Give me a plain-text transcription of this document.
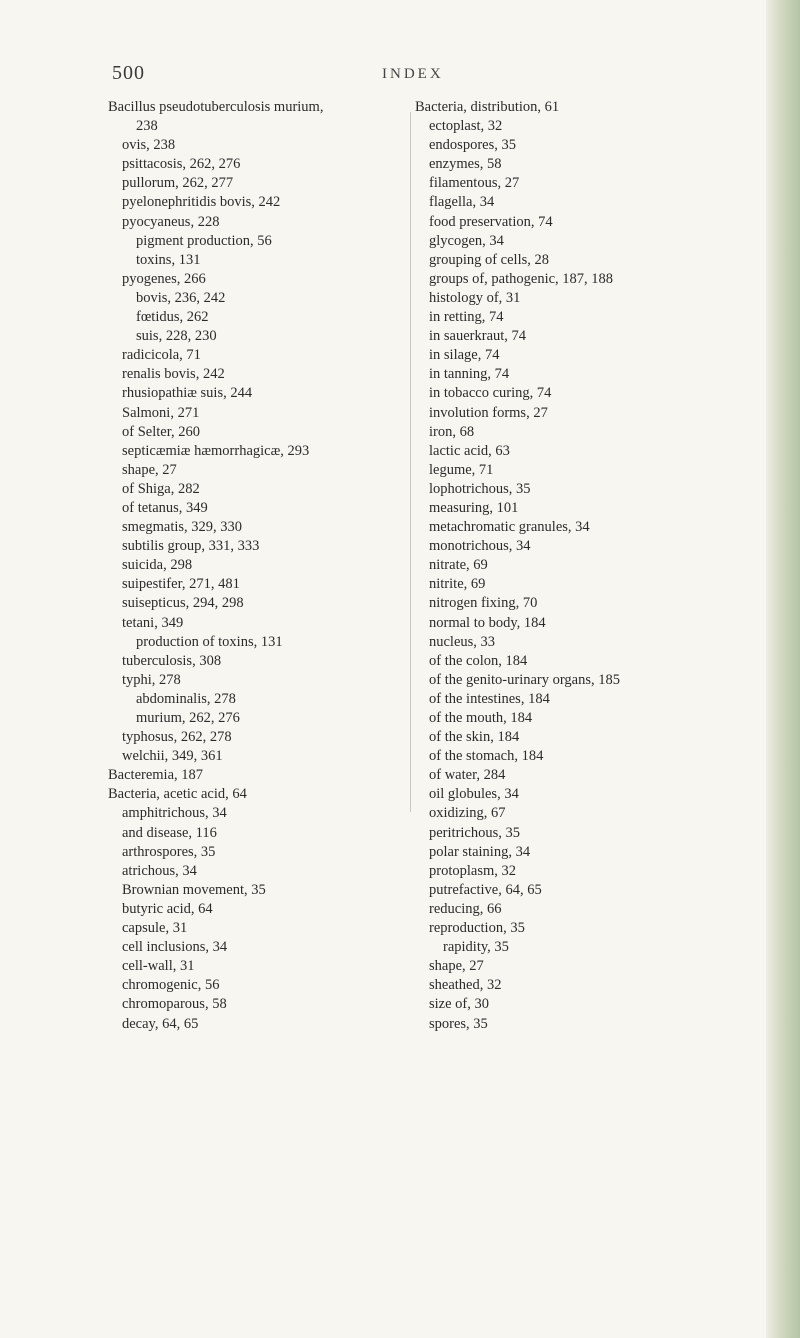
500	INDEX
Bacillus pseudotuberculosis murium,
238
ovis, 238
psittacosis, 262, 276
pullorum, 262, 277
pyelonephritidis bovis, 242
pyocyaneus, 228
pigment production, 56
toxins, 131
pyogenes, 266
bovis, 236, 242
fœtidus, 262
suis, 228, 230
radicicola, 71
renalis bovis, 242
rhusiopathiæ suis, 244
Salmoni, 271
of Selter, 260
septicæmiæ hæmorrhagicæ, 293
shape, 27
of Shiga, 282
of tetanus, 349
smegmatis, 329, 330
subtilis group, 331, 333
suicida, 298
suipestifer, 271, 481
suisepticus, 294, 298
tetani, 349
production of toxins, 131
tuberculosis, 308
typhi, 278
abdominalis, 278
murium, 262, 276
typhosus, 262, 278
welchii, 349, 361
Bacteremia, 187
Bacteria, acetic acid, 64
amphitrichous, 34
and disease, 116
arthrospores, 35
atrichous, 34
Brownian movement, 35
butyric acid, 64
capsule, 31
cell inclusions, 34
cell-wall, 31
chromogenic, 56
chromoparous, 58
decay, 64, 65
Bacteria, distribution, 61
ectoplast, 32
endospores, 35
enzymes, 58
filamentous, 27
flagella, 34
food preservation, 74
glycogen, 34
grouping of cells, 28
groups of, pathogenic, 187, 188
histology of, 31
in retting, 74
in sauerkraut, 74
in silage, 74
in tanning, 74
in tobacco curing, 74
involution forms, 27
iron, 68
lactic acid, 63
legume, 71
lophotrichous, 35
measuring, 101
metachromatic granules, 34
monotrichous, 34
nitrate, 69
nitrite, 69
nitrogen fixing, 70
normal to body, 184
nucleus, 33
of the colon, 184
of the genito-urinary organs, 185
of the intestines, 184
of the mouth, 184
of the skin, 184
of the stomach, 184
of water, 284
oil globules, 34
oxidizing, 67
peritrichous, 35
polar staining, 34
protoplasm, 32
putrefactive, 64, 65
reducing, 66
reproduction, 35
rapidity, 35
shape, 27
sheathed, 32
size of, 30
spores, 35
